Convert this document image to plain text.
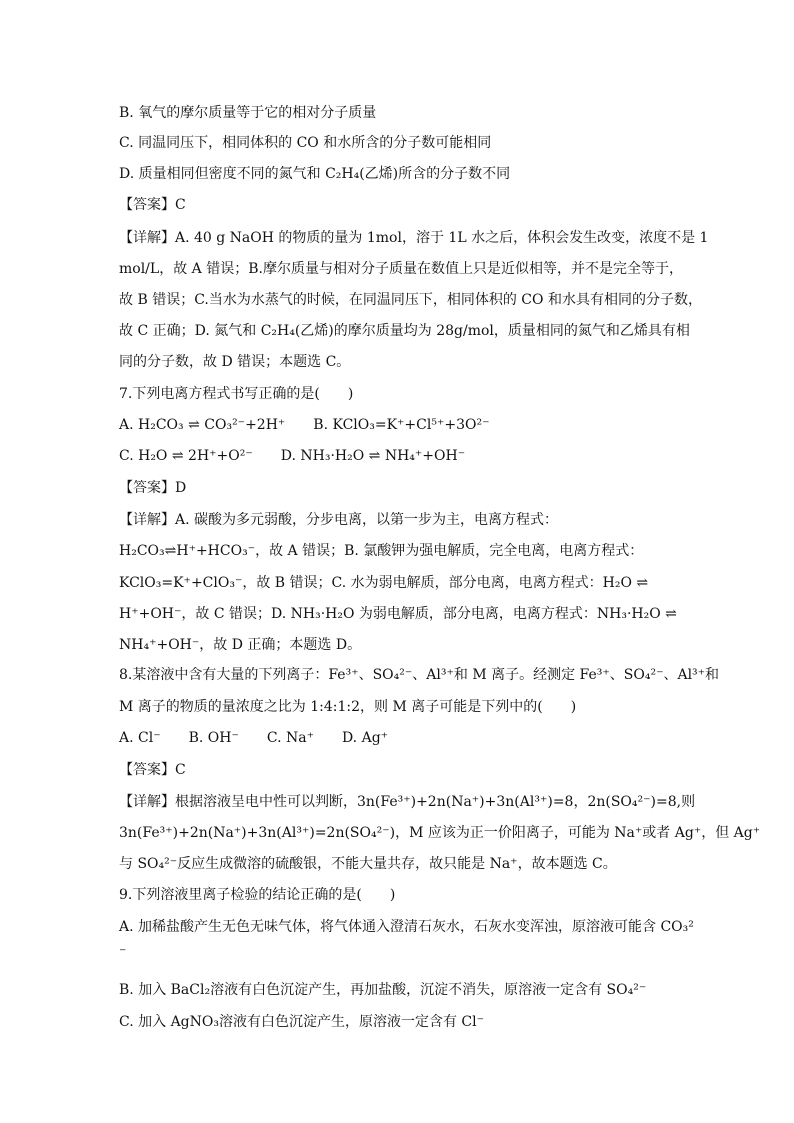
B. 氧气的摩尔质量等于它的相对分子质量
C. 同温同压下，相同体积的 CO 和水所含的分子数可能相同
D. 质量相同但密度不同的氮气和 C₂H₄(乙烯)所含的分子数不同
【答案】C
【详解】A. 40 g NaOH 的物质的量为 1mol，溶于 1L 水之后，体积会发生改变，浓度不是 1
mol/L，故 A 错误；B.摩尔质量与相对分子质量在数值上只是近似相等，并不是完全等于，
故 B 错误；C.当水为水蒸气的时候，在同温同压下，相同体积的 CO 和水具有相同的分子数，
故 C 正确；D. 氮气和 C₂H₄(乙烯)的摩尔质量均为 28g/mol，质量相同的氮气和乙烯具有相
同的分子数，故 D 错误；本题选 C。
7.下列电离方程式书写正确的是(　　)
A. H₂CO₃ ⇌ CO₃²⁻+2H⁺　　B. KClO₃=K⁺+Cl⁵⁺+3O²⁻
C. H₂O ⇌ 2H⁺+O²⁻　　D. NH₃·H₂O ⇌ NH₄⁺+OH⁻
【答案】D
【详解】A. 碳酸为多元弱酸，分步电离，以第一步为主，电离方程式：
H₂CO₃⇌H⁺+HCO₃⁻，故 A 错误；B. 氯酸钾为强电解质，完全电离，电离方程式：
KClO₃=K⁺+ClO₃⁻，故 B 错误；C. 水为弱电解质，部分电离，电离方程式：H₂O ⇌
H⁺+OH⁻，故 C 错误；D. NH₃·H₂O 为弱电解质，部分电离，电离方程式：NH₃·H₂O ⇌
NH₄⁺+OH⁻，故 D 正确；本题选 D。
8.某溶液中含有大量的下列离子：Fe³⁺、SO₄²⁻、Al³⁺和 M 离子。经测定 Fe³⁺、SO₄²⁻、Al³⁺和
M 离子的物质的量浓度之比为 1:4:1:2，则 M 离子可能是下列中的(　　)
A. Cl⁻　　B. OH⁻　　C. Na⁺　　D. Ag⁺
【答案】C
【详解】根据溶液呈电中性可以判断，3n(Fe³⁺)+2n(Na⁺)+3n(Al³⁺)=8，2n(SO₄²⁻)=8,则
3n(Fe³⁺)+2n(Na⁺)+3n(Al³⁺)=2n(SO₄²⁻)，M 应该为正一价阳离子，可能为 Na⁺或者 Ag⁺，但 Ag⁺
与 SO₄²⁻反应生成微溶的硫酸银，不能大量共存，故只能是 Na⁺，故本题选 C。
9.下列溶液里离子检验的结论正确的是(　　)
A. 加稀盐酸产生无色无味气体，将气体通入澄清石灰水，石灰水变浑浊，原溶液可能含 CO₃²
⁻
B. 加入 BaCl₂溶液有白色沉淀产生，再加盐酸，沉淀不消失，原溶液一定含有 SO₄²⁻
C. 加入 AgNO₃溶液有白色沉淀产生，原溶液一定含有 Cl⁻
